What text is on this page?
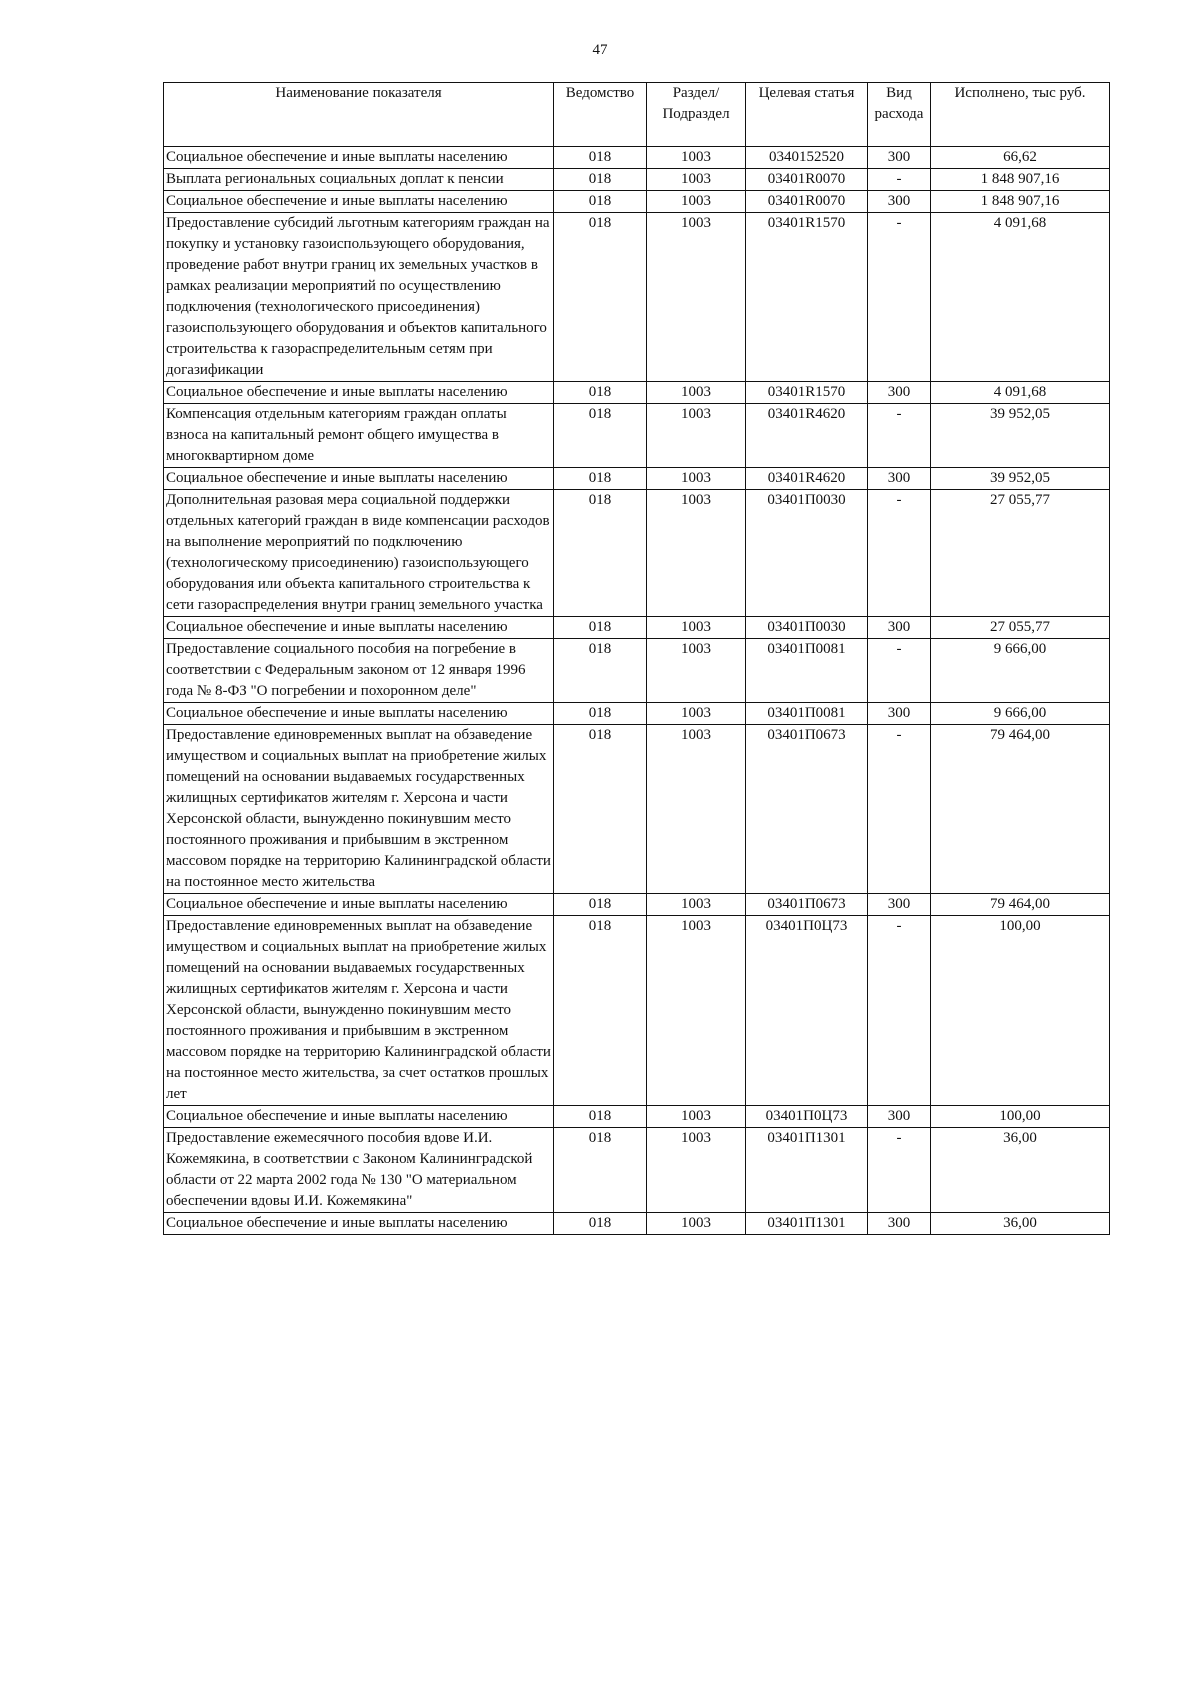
47
Наименование показателя	Ведомство	Раздел/ Подраздел	Целевая статья	Вид расхода	Исполнено, тыс руб.
Социальное обеспечение и иные выплаты населению	018	1003	0340152520	300	66,62
Выплата региональных социальных доплат к пенсии	018	1003	03401R0070	-	1 848 907,16
Социальное обеспечение и иные выплаты населению	018	1003	03401R0070	300	1 848 907,16
Предоставление субсидий льготным категориям граждан на покупку и установку газоиспользующего оборудования, проведение работ внутри границ их земельных участков в рамках реализации мероприятий по осуществлению подключения (технологического присоединения) газоиспользующего оборудования и объектов капитального строительства к газораспределительным сетям при догазификации	018	1003	03401R1570	-	4 091,68
Социальное обеспечение и иные выплаты населению	018	1003	03401R1570	300	4 091,68
Компенсация отдельным категориям граждан оплаты взноса на капитальный ремонт общего имущества в многоквартирном доме	018	1003	03401R4620	-	39 952,05
Социальное обеспечение и иные выплаты населению	018	1003	03401R4620	300	39 952,05
Дополнительная разовая мера социальной поддержки отдельных категорий граждан в виде компенсации расходов на выполнение мероприятий по подключению (технологическому присоединению) газоиспользующего оборудования или объекта капитального строительства к сети газораспределения внутри границ земельного участка	018	1003	03401П0030	-	27 055,77
Социальное обеспечение и иные выплаты населению	018	1003	03401П0030	300	27 055,77
Предоставление социального пособия на погребение в соответствии с Федеральным законом от 12 января 1996 года № 8-ФЗ "О погребении и похоронном деле"	018	1003	03401П0081	-	9 666,00
Социальное обеспечение и иные выплаты населению	018	1003	03401П0081	300	9 666,00
Предоставление единовременных выплат на обзаведение имуществом и социальных выплат на приобретение жилых помещений на основании выдаваемых государственных жилищных сертификатов жителям г. Херсона и части Херсонской области, вынужденно покинувшим место постоянного проживания и прибывшим в экстренном массовом порядке на территорию Калининградской области на постоянное место жительства	018	1003	03401П0673	-	79 464,00
Социальное обеспечение и иные выплаты населению	018	1003	03401П0673	300	79 464,00
Предоставление единовременных выплат на обзаведение имуществом и социальных выплат на приобретение жилых помещений на основании выдаваемых государственных жилищных сертификатов жителям г. Херсона и части Херсонской области, вынужденно покинувшим место постоянного проживания и прибывшим в экстренном массовом порядке на территорию Калининградской области на постоянное место жительства, за счет остатков прошлых лет	018	1003	03401П0Ц73	-	100,00
Социальное обеспечение и иные выплаты населению	018	1003	03401П0Ц73	300	100,00
Предоставление ежемесячного пособия вдове И.И. Кожемякина, в соответствии с Законом Калининградской области от 22 марта 2002 года № 130 "О материальном обеспечении вдовы И.И. Кожемякина"	018	1003	03401П1301	-	36,00
Социальное обеспечение и иные выплаты населению	018	1003	03401П1301	300	36,00
